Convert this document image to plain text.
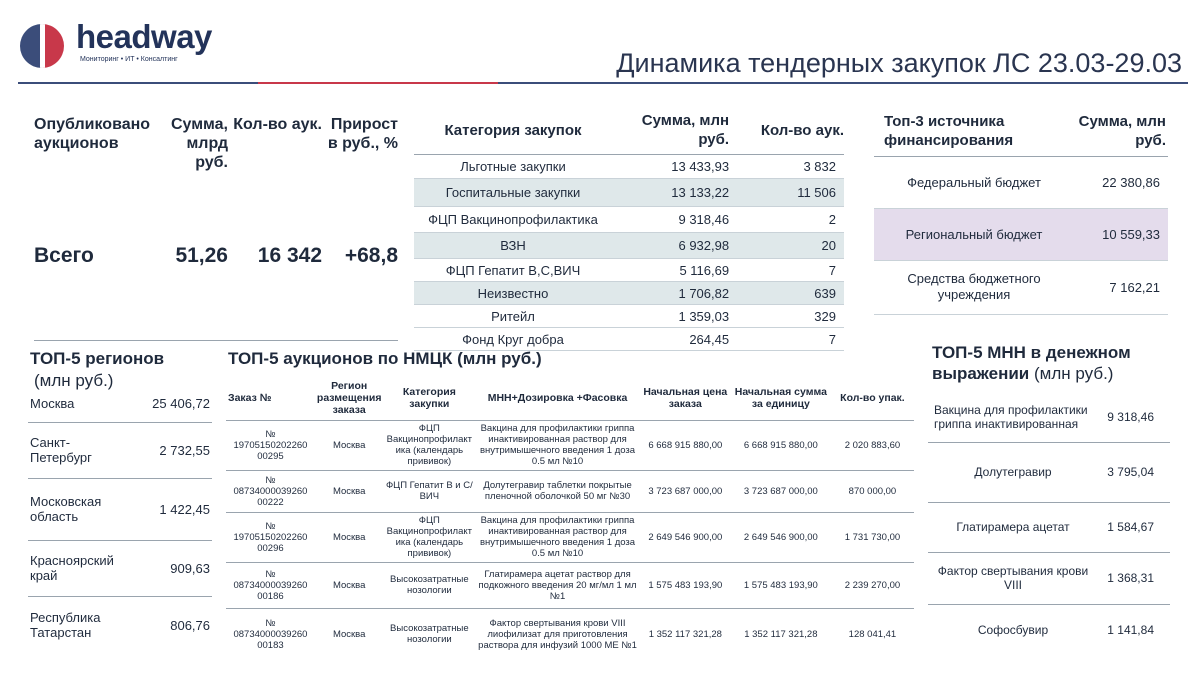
headway
Мониторинг • ИТ • Консалтинг	Динамика тендерных закупок ЛС 23.03-29.03
Опубликовано аукционов	Сумма, млрд руб.	Кол-во аук.	Прирост в руб., %
Всего	51,26	16 342	+68,8
Категория закупок	Сумма, млн руб.	Кол-во аук.

Льготные закупки	13 433,93	3 832
Госпитальные закупки	13 133,22	11 506
ФЦП Вакцинопрофилактика	9 318,46	2
ВЗН	6 932,98	20
ФЦП Гепатит В,С,ВИЧ	5 116,69	7
Неизвестно	1 706,82	639
Ритейл	1 359,03	329
Фонд Круг добра	264,45	7
Топ-3 источника финансирования	Сумма, млн руб.
Федеральный бюджет	22 380,86
Региональный бюджет	10 559,33
Средства бюджетного учреждения	7 162,21
ТОП-5 регионов
(млн руб.)
Москва	25 406,72
Санкт-Петербург	2 732,55
Московская область	1 422,45
Красноярский край	909,63
Республика Татарстан	806,76
ТОП-5 аукционов по НМЦК (млн руб.)
Заказ №	Регион размещения заказа	Категория закупки	МНН+Дозировка +Фасовка	Начальная цена заказа	Начальная сумма за единицу	Кол-во упак.
№ 19705150202260 00295	Москва	ФЦП Вакцинопрофилакт ика (календарь прививок)	Вакцина для профилактики гриппа инактивированная раствор для внутримышечного введения 1 доза 0.5 мл №10	6 668 915 880,00	6 668 915 880,00	2 020 883,60
№ 08734000039260 00222	Москва	ФЦП Гепатит В и С/ВИЧ	Долутегравир таблетки покрытые пленочной оболочкой 50 мг №30	3 723 687 000,00	3 723 687 000,00	870 000,00
№ 19705150202260 00296	Москва	ФЦП Вакцинопрофилакт ика (календарь прививок)	Вакцина для профилактики гриппа инактивированная раствор для внутримышечного введения 1 доза 0.5 мл №10	2 649 546 900,00	2 649 546 900,00	1 731 730,00
№ 08734000039260 00186	Москва	Высокозатратные нозологии	Глатирамера ацетат раствор для подкожного введения 20 мг/мл 1 мл №1	1 575 483 193,90	1 575 483 193,90	2 239 270,00
№ 08734000039260 00183	Москва	Высокозатратные нозологии	Фактор свертывания крови VIII лиофилизат для приготовления раствора для инфузий 1000 МЕ №1	1 352 117 321,28	1 352 117 321,28	128 041,41
ТОП-5 МНН в денежном
выражении (млн руб.)
Вакцина для профилактики гриппа инактивированная	9 318,46
Долутегравир	3 795,04
Глатирамера ацетат	1 584,67
Фактор свертывания крови VIII	1 368,31
Софосбувир	1 141,84
